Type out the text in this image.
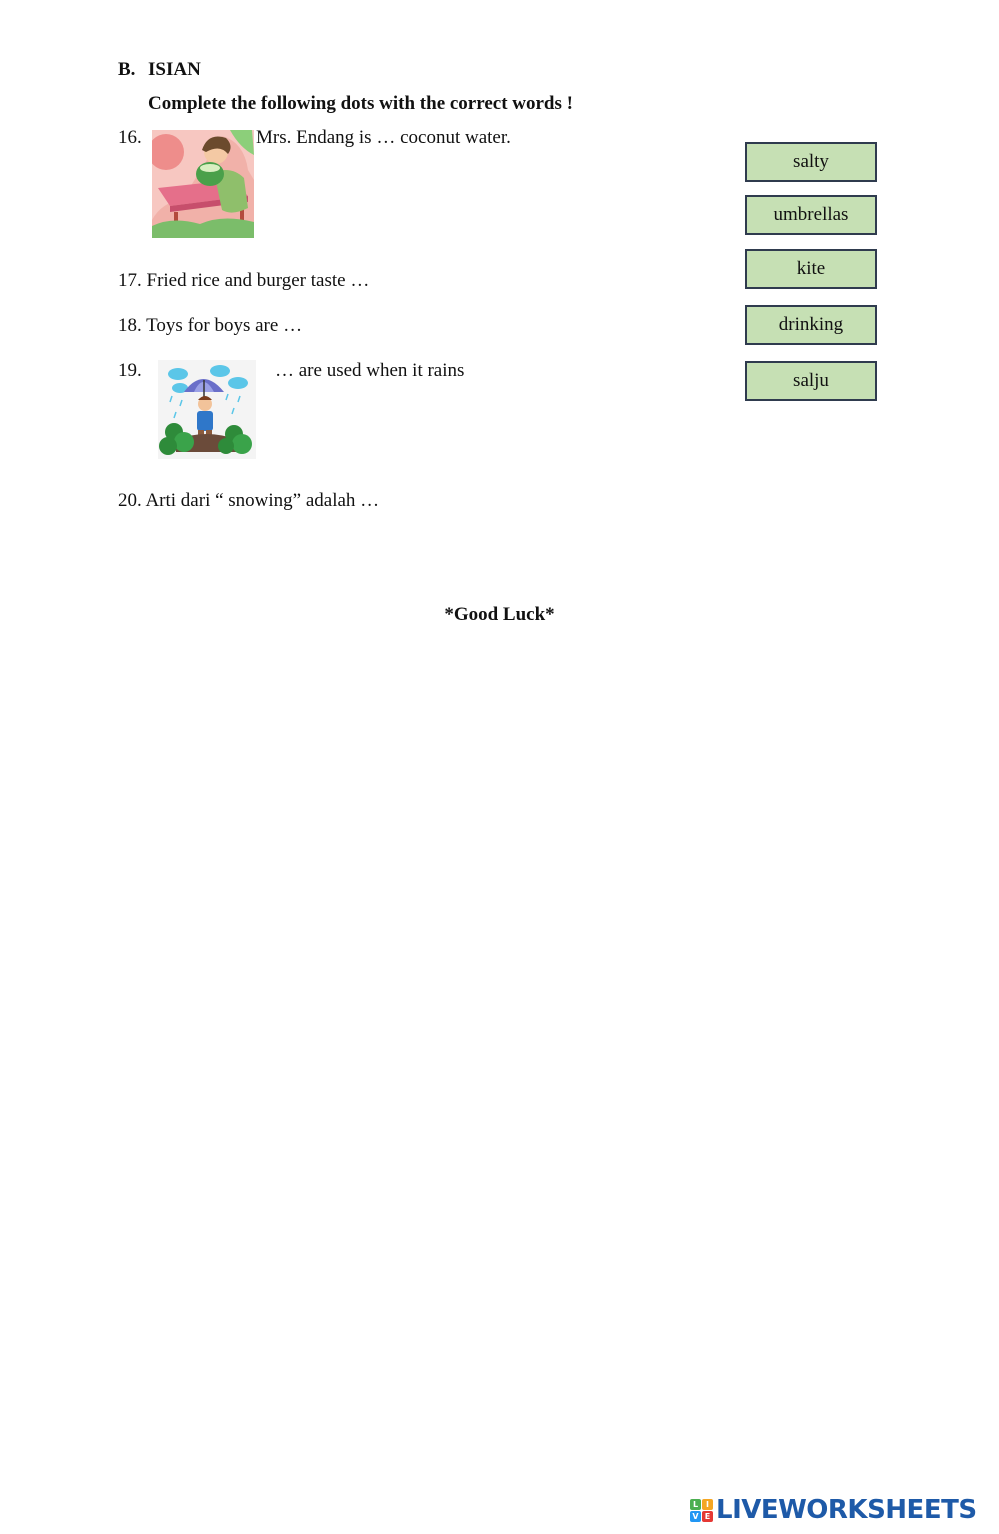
B. ISIAN
Complete the following dots with the correct words !
16.	Mrs. Endang is … coconut water.
17. Fried rice and burger taste …
18. Toys for boys are …
19.	… are used when it rains
20. Arti dari “ snowing” adalah …
salty
umbrellas
kite
drinking
salju
*Good Luck*
L I
V E LIVEWORKSHEETS
